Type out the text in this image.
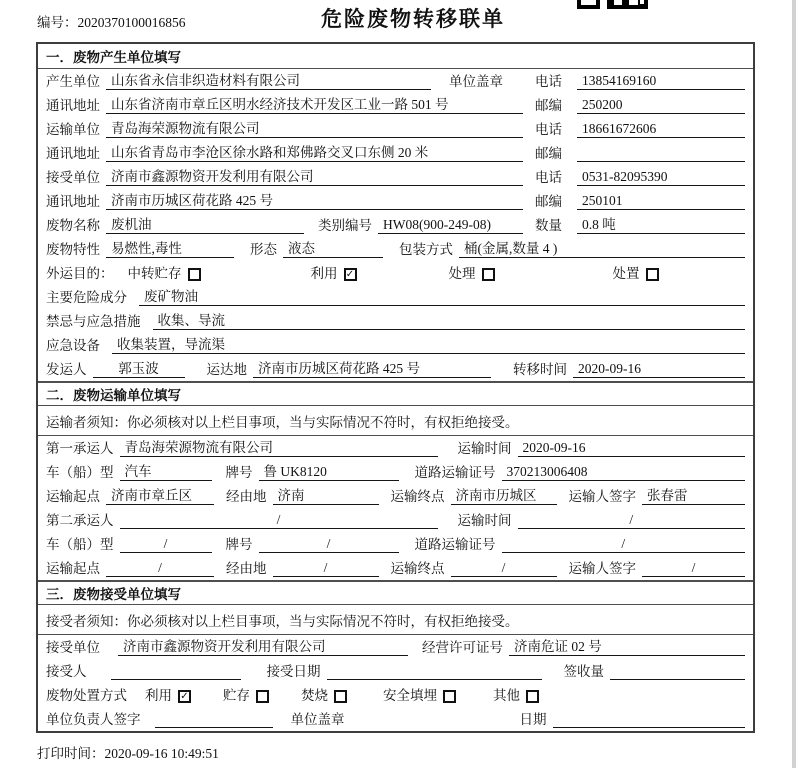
编号：2020370100016856	危险废物转移联单
一．废物产生单位填写
产生单位 山东省永信非织造材料有限公司	单位盖章 电话	13854169160
通讯地址 山东省济南市章丘区明水经济技术开发区工业一路 501 号	邮编	250200
运输单位 青岛海荣源物流有限公司	电话	18661672606
通讯地址 山东省青岛市李沧区徐水路和郑佛路交叉口东侧 20 米	邮编
接受单位 济南市鑫源物资开发利用有限公司	电话	0531-82095390
通讯地址 济南市历城区荷花路 425 号	邮编	250101
废物名称 废机油	类别编号 HW08(900-249-08)	数量	0.8 吨
废物特性 易燃性,毒性	形态 液态	包装方式 桶(金属,数量 4 )
外运目的： 中转贮存	利用 ✓	处理	处置
主要危险成分	废矿物油
禁忌与应急措施	收集、导流
应急设备	收集装置，导流渠
发运人	郭玉波	运达地 济南市历城区荷花路 425 号	转移时间 2020-09-16
二．废物运输单位填写
运输者须知：你必须核对以上栏目事项，当与实际情况不符时，有权拒绝接受。
第一承运人 青岛海荣源物流有限公司	运输时间 2020-09-16
车（船）型 汽车	牌号 鲁 UK8120	道路运输证号 370213006408
运输起点 济南市章丘区	经由地 济南	运输终点 济南市历城区	运输人签字 张春雷
第二承运人	/	运输时间	/
车（船）型	/	牌号	/	道路运输证号	/
运输起点	/	经由地	/	运输终点	/	运输人签字	/
三．废物接受单位填写
接受者须知：你必须核对以上栏目事项，当与实际情况不符时，有权拒绝接受。
接受单位	济南市鑫源物资开发利用有限公司	经营许可证号 济南危证 02 号
接受人	接受日期	签收量
废物处置方式 利用 ✓	贮存	焚烧	安全填埋	其他
单位负责人签字	单位盖章	日期
打印时间：2020-09-16 10:49:51
